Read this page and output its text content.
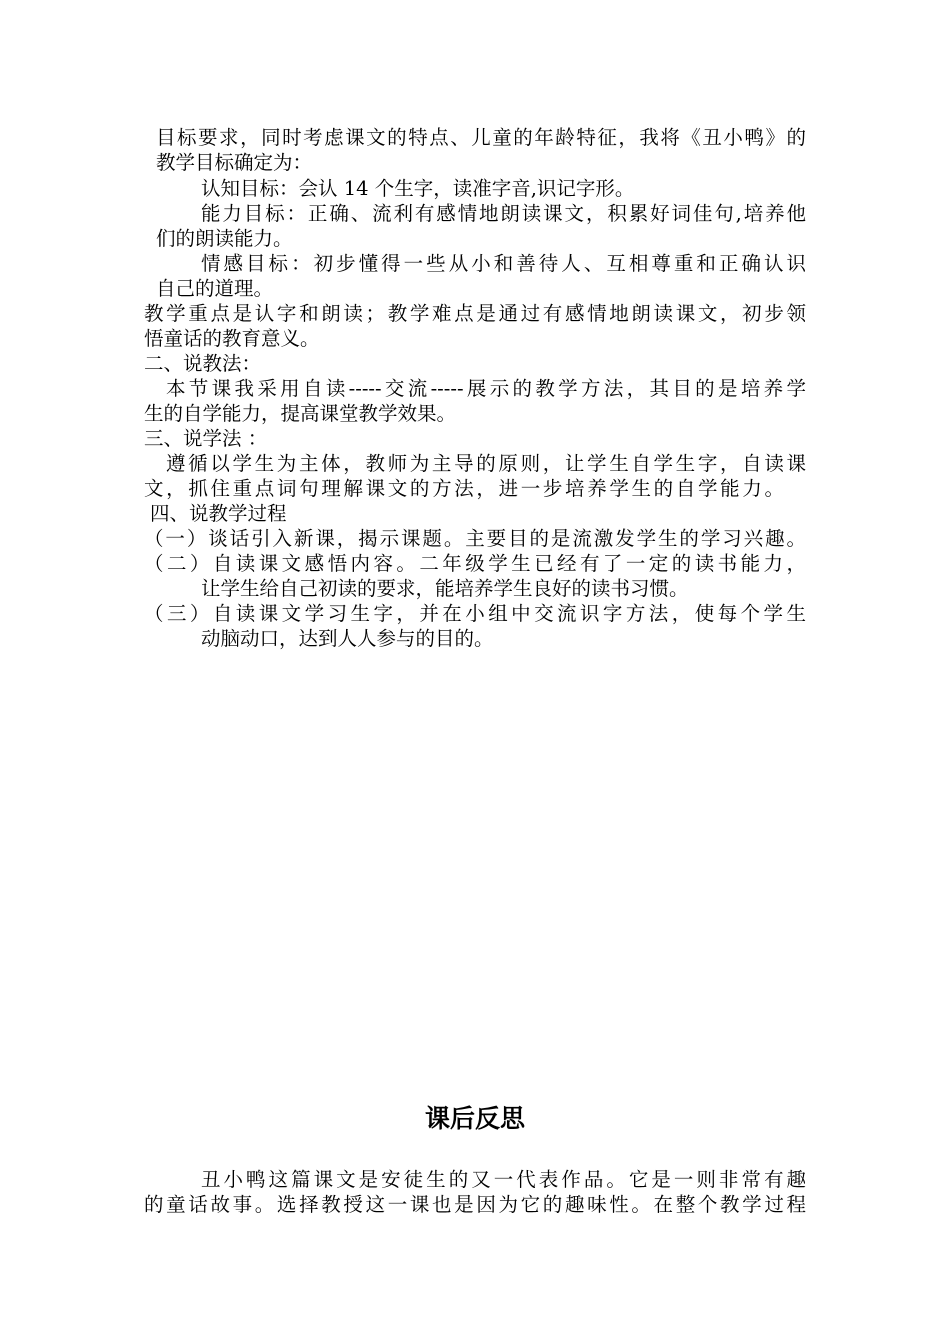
目标要求，同时考虑课文的特点、儿童的年龄特征，我将《丑小鸭》的
教学目标确定为：
认知目标：会认 14 个生字，读准字音,识记字形。
能力目标：正确、流利有感情地朗读课文，积累好词佳句,培养他
们的朗读能力。
情感目标：初步懂得一些从小和善待人、互相尊重和正确认识
自己的道理。
教学重点是认字和朗读；教学难点是通过有感情地朗读课文，初步领
悟童话的教育意义。
二、说教法：
本节课我采用自读-----交流-----展示的教学方法，其目的是培养学
生的自学能力，提高课堂教学效果。
三、说学法 ：
遵循以学生为主体，教师为主导的原则，让学生自学生字，自读课
文，抓住重点词句理解课文的方法，进一步培养学生的自学能力。
四、说教学过程
（一）谈话引入新课，揭示课题。主要目的是流激发学生的学习兴趣。
（二）自读课文感悟内容。二年级学生已经有了一定的读书能力，
让学生给自己初读的要求，能培养学生良好的读书习惯。
（三）自读课文学习生字，并在小组中交流识字方法，使每个学生
动脑动口，达到人人参与的目的。
课后反思
丑小鸭这篇课文是安徒生的又一代表作品。它是一则非常有趣
的童话故事。选择教授这一课也是因为它的趣味性。在整个教学过程
